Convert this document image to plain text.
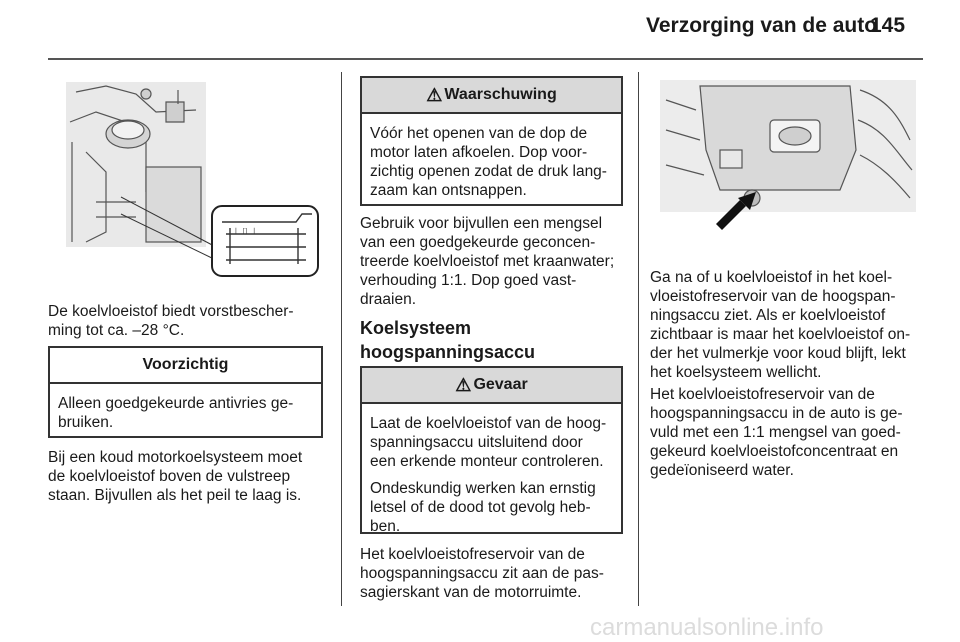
Verzorging van de auto
145
⊥ ⌷ ⊥
De koelvloeistof biedt vorstbescher-
ming tot ca. –28 °C.
Voorzichtig
Alleen goedgekeurde antivries ge-
bruiken.
Bij een koud motorkoelsysteem moet
de koelvloeistof boven de vulstreep
staan. Bijvullen als het peil te laag is.
⚠ Waarschuwing
Vóór het openen van de dop de
motor laten afkoelen. Dop voor-
zichtig openen zodat de druk lang-
zaam kan ontsnappen.
Gebruik voor bijvullen een mengsel
van een goedgekeurde geconcen-
treerde koelvloeistof met kraanwater;
verhouding 1:1. Dop goed vast-
draaien.
Koelsysteem
hoogspanningsaccu
⚠ Gevaar
Laat de koelvloeistof van de hoog-
spanningsaccu uitsluitend door
een erkende monteur controleren.
Ondeskundig werken kan ernstig
letsel of de dood tot gevolg heb-
ben.
Het koelvloeistofreservoir van de
hoogspanningsaccu zit aan de pas-
sagierskant van de motorruimte.
Ga na of u koelvloeistof in het koel-
vloeistofreservoir van de hoogspan-
ningsaccu ziet. Als er koelvloeistof
zichtbaar is maar het koelvloeistof on-
der het vulmerkje voor koud blijft, lekt
het koelsysteem wellicht.
Het koelvloeistofreservoir van de
hoogspanningsaccu in de auto is ge-
vuld met een 1:1 mengsel van goed-
gekeurd koelvloeistofconcentraat en
gedeïoniseerd water.
carmanualsonline.info
